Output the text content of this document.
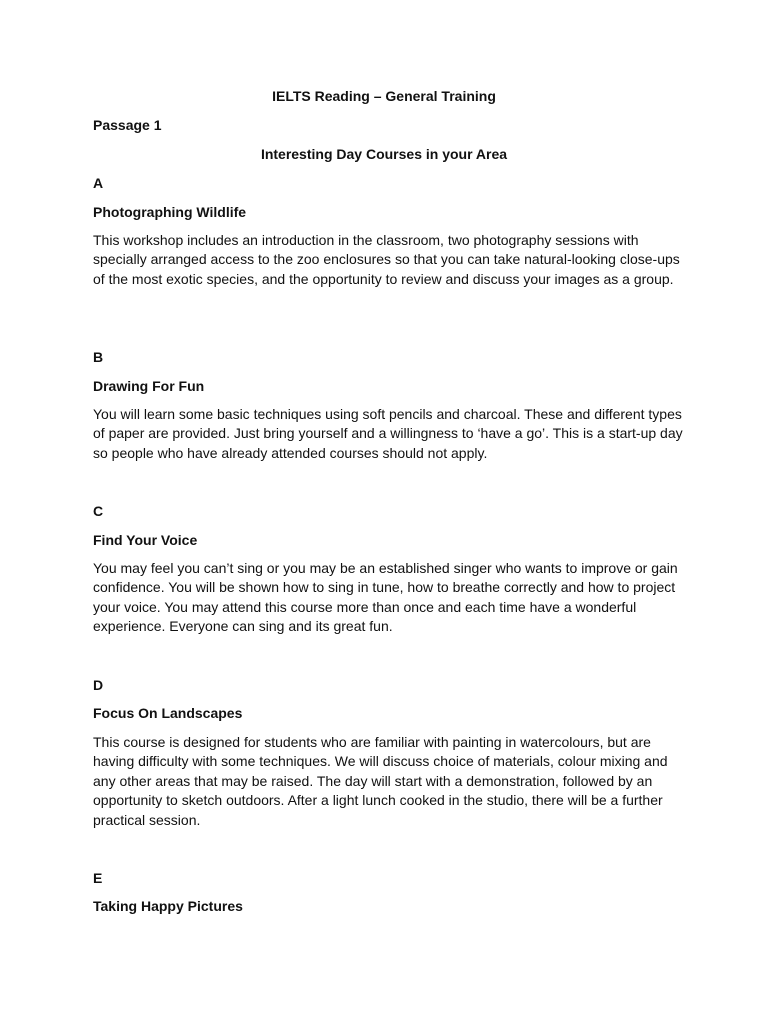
IELTS Reading – General Training
Passage 1
Interesting Day Courses in your Area
A
Photographing Wildlife

This workshop includes an introduction in the classroom, two photography sessions with specially arranged access to the zoo enclosures so that you can take natural-looking close-ups of the most exotic species, and the opportunity to review and discuss your images as a group.

B
Drawing For Fun

You will learn some basic techniques using soft pencils and charcoal. These and different types of paper are provided. Just bring yourself and a willingness to ‘have a go’. This is a start-up day so people who have already attended courses should not apply.

C
Find Your Voice

You may feel you can’t sing or you may be an established singer who wants to improve or gain confidence. You will be shown how to sing in tune, how to breathe correctly and how to project your voice. You may attend this course more than once and each time have a wonderful experience. Everyone can sing and its great fun.

D
Focus On Landscapes

This course is designed for students who are familiar with painting in watercolours, but are having difficulty with some techniques. We will discuss choice of materials, colour mixing and any other areas that may be raised. The day will start with a demonstration, followed by an opportunity to sketch outdoors. After a light lunch cooked in the studio, there will be a further practical session.

E
Taking Happy Pictures
